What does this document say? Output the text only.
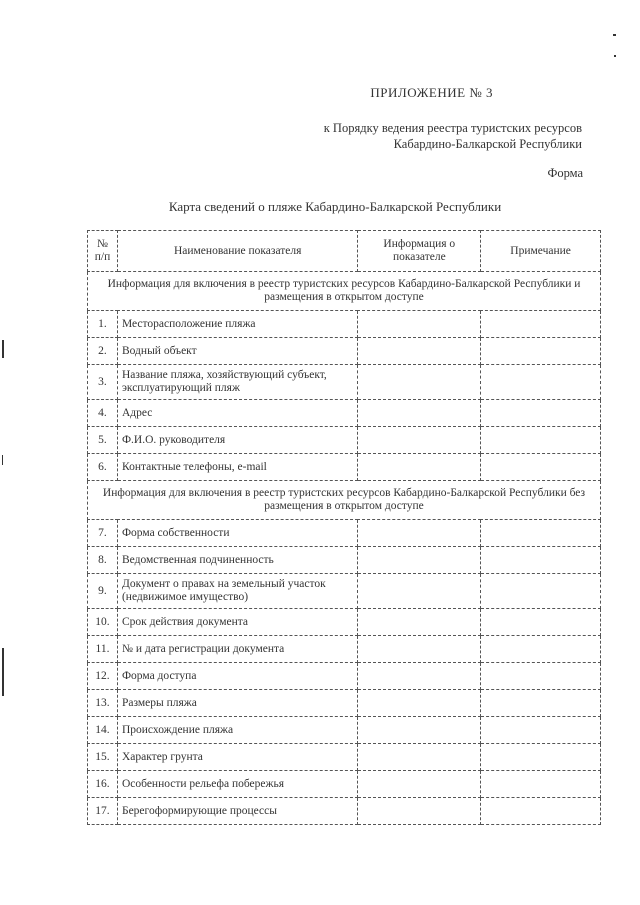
ПРИЛОЖЕНИЕ № 3
к Порядку ведения реестра туристских ресурсов
Кабардино-Балкарской Республики
Форма
Карта сведений о пляже Кабардино-Балкарской Республики
№ п/п	Наименование показателя	Информация о показателе	Примечание
Информация для включения в реестр туристских ресурсов Кабардино-Балкарской Республики и размещения в открытом доступе			
1.	Месторасположение пляжа		
2.	Водный объект		
3.	Название пляжа, хозяйствующий субъект, эксплуатирующий пляж		
4.	Адрес		
5.	Ф.И.О. руководителя		
6.	Контактные телефоны, e-mail		
Информация для включения в реестр туристских ресурсов Кабардино-Балкарской Республики без размещения в открытом доступе			
7.	Форма собственности		
8.	Ведомственная подчиненность		
9.	Документ о правах на земельный участок (недвижимое имущество)		
10.	Срок действия документа		
11.	№ и дата регистрации документа		
12.	Форма доступа		
13.	Размеры пляжа		
14.	Происхождение пляжа		
15.	Характер грунта		
16.	Особенности рельефа побережья		
17.	Берегоформирующие процессы		
